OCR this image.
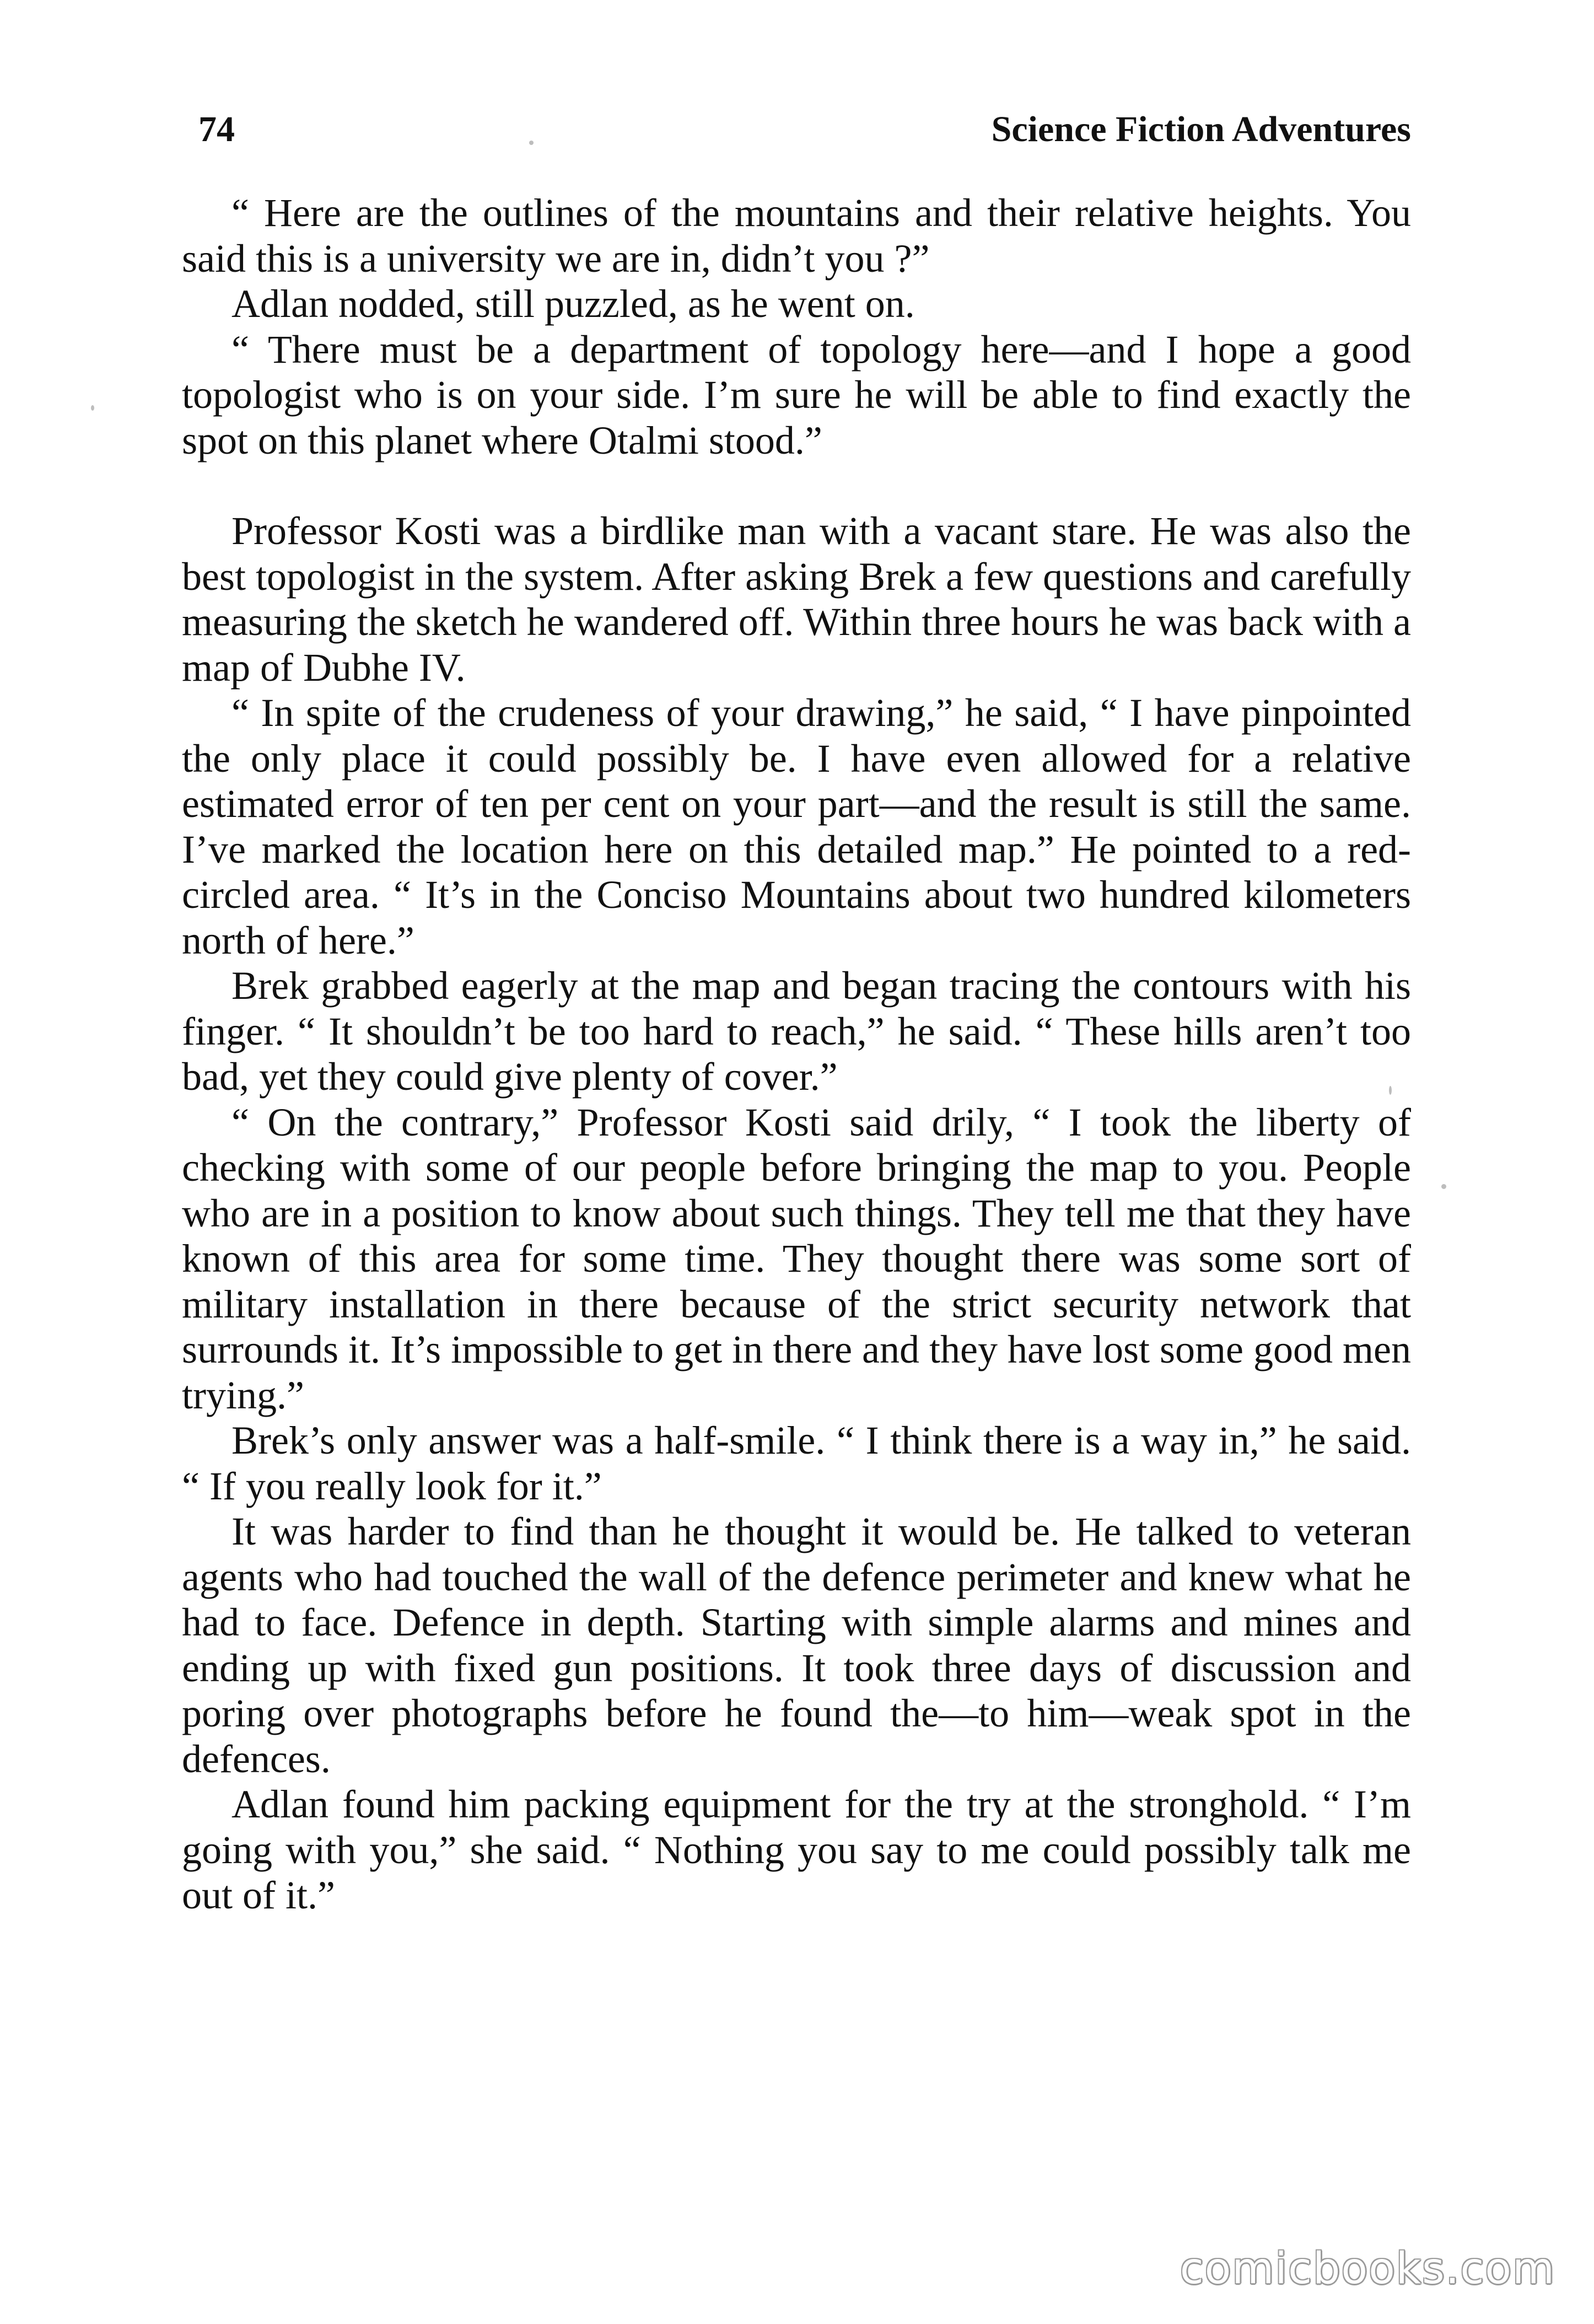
74	Science Fiction Adventures

“ Here are the outlines of the mountains and their relative heights. You said this is a university we are in, didn’t you ?”

Adlan nodded, still puzzled, as he went on.

“ There must be a department of topology here—and I hope a good topologist who is on your side. I’m sure he will be able to find exactly the spot on this planet where Otalmi stood.”

Professor Kosti was a birdlike man with a vacant stare. He was also the best topologist in the system. After asking Brek a few questions and carefully measuring the sketch he wandered off. Within three hours he was back with a map of Dubhe IV.

“ In spite of the crudeness of your drawing,” he said, “ I have pinpointed the only place it could possibly be. I have even allowed for a relative estimated error of ten per cent on your part—and the result is still the same. I’ve marked the location here on this detailed map.” He pointed to a red-circled area. “ It’s in the Conciso Mountains about two hundred kilometers north of here.”

Brek grabbed eagerly at the map and began tracing the contours with his finger. “ It shouldn’t be too hard to reach,” he said. “ These hills aren’t too bad, yet they could give plenty of cover.”

“ On the contrary,” Professor Kosti said drily, “ I took the liberty of checking with some of our people before bringing the map to you. People who are in a position to know about such things. They tell me that they have known of this area for some time. They thought there was some sort of military installation in there because of the strict security network that surrounds it. It’s impossible to get in there and they have lost some good men trying.”

Brek’s only answer was a half-smile. “ I think there is a way in,” he said. “ If you really look for it.”

It was harder to find than he thought it would be. He talked to veteran agents who had touched the wall of the defence perimeter and knew what he had to face. Defence in depth. Starting with simple alarms and mines and ending up with fixed gun positions. It took three days of discussion and poring over photographs before he found the—to him—weak spot in the defences.

Adlan found him packing equipment for the try at the stronghold. “ I’m going with you,” she said. “ Nothing you say to me could possibly talk me out of it.”

comicbooks.com
